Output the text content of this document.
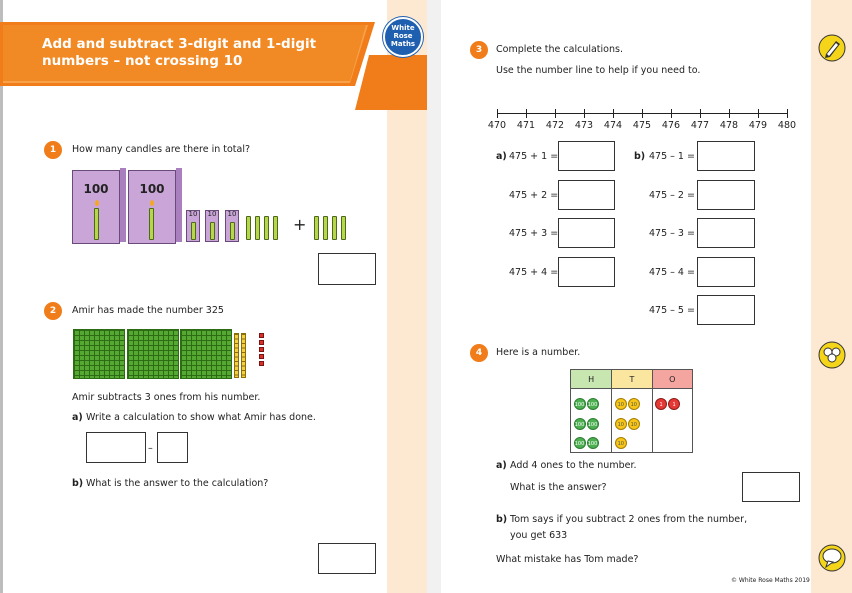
Add and subtract 3-digit and 1-digit
numbers – not crossing 10
White
Rose
Maths
1	How many candles are there in total?
100	100
10	10	10
+
2	Amir has made the number 325
Amir subtracts 3 ones from his number.
a) Write a calculation to show what Amir has done.
–
b) What is the answer to the calculation?
3	Complete the calculations.
Use the number line to help if you need to.
470	471	472	473	474	475	476	477	478	479	480
a) 475 + 1 =
475 + 2 =
475 + 3 =
475 + 4 =
b) 475 – 1 =
475 – 2 =
475 – 3 =
475 – 4 =
475 – 5 =
4	Here is a number.
H	T	O
100 100100 100100 100	10 1010 1010	1 1
a) Add 4 ones to the number.
What is the answer?
b) Tom says if you subtract 2 ones from the number,
you get 633
What mistake has Tom made?
© White Rose Maths 2019
